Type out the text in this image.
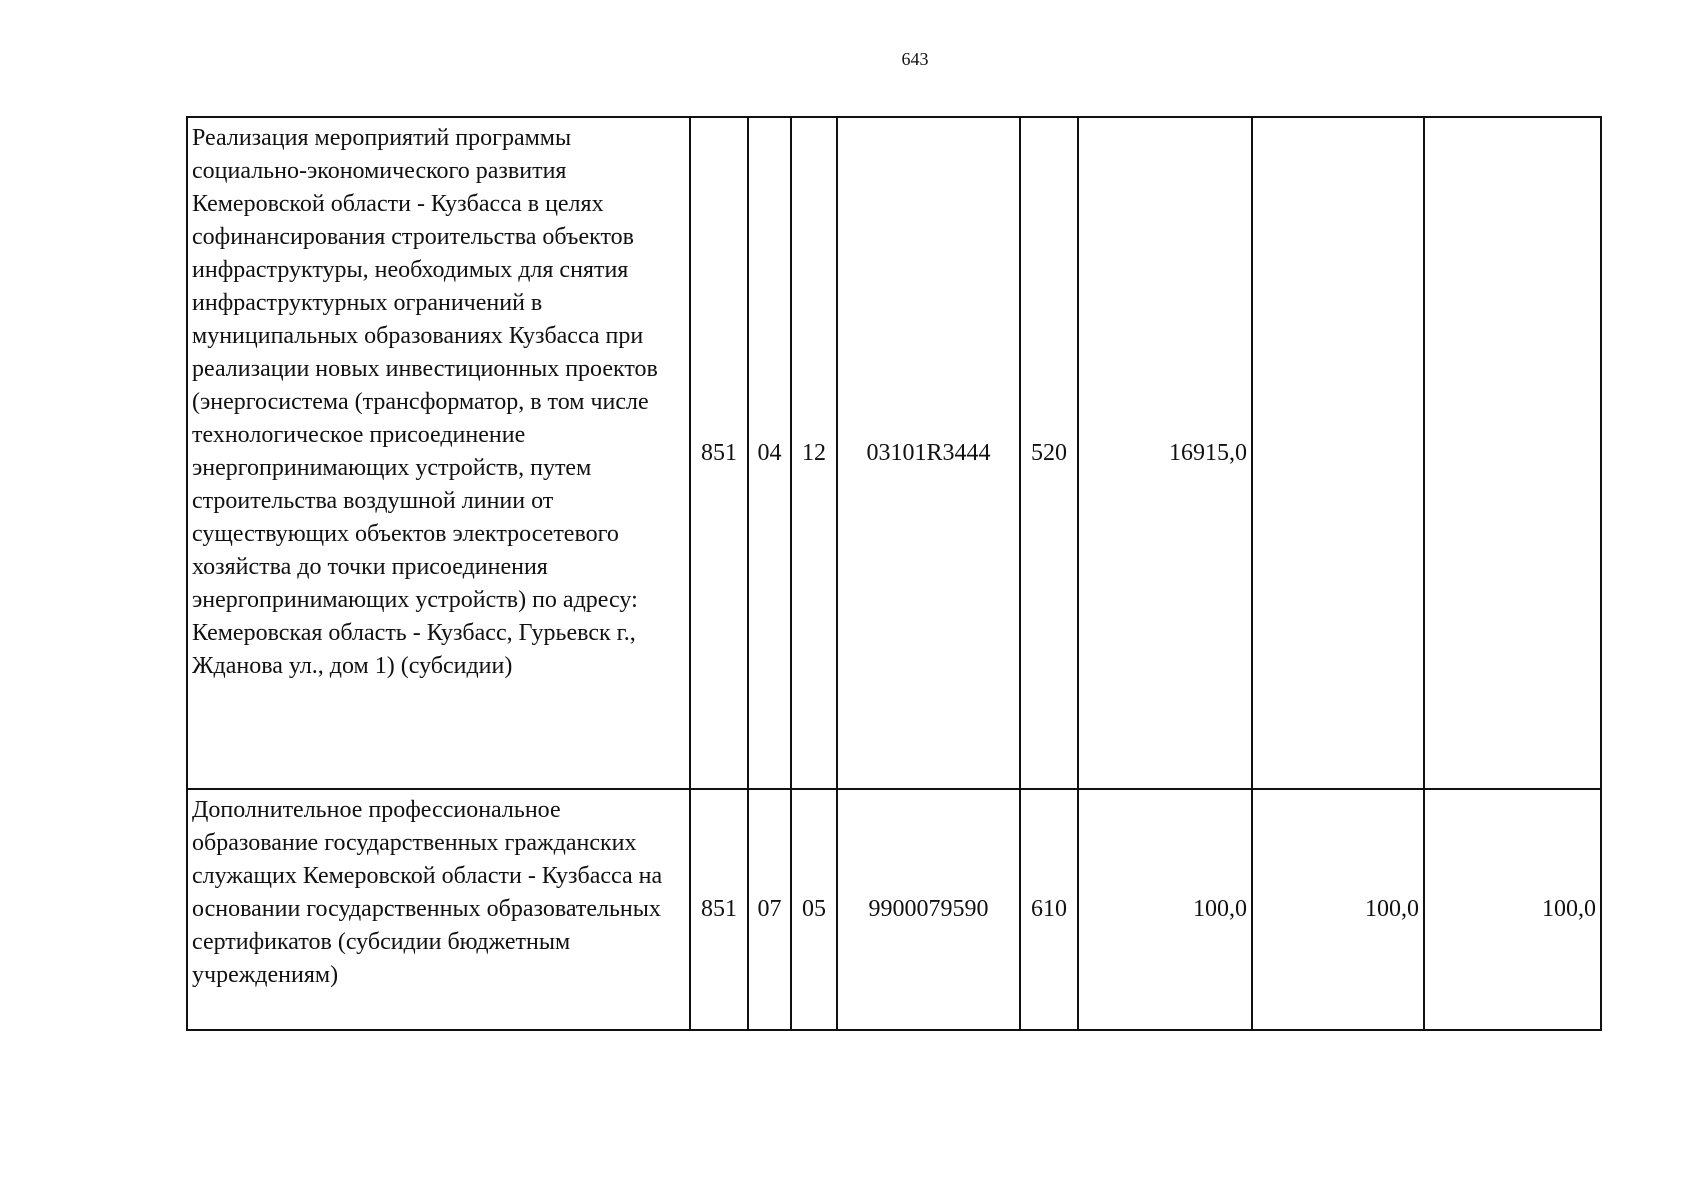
643
Реализация мероприятий программы социально-экономического развития Кемеровской области - Кузбасса в целях софинансирования строительства объектов инфраструктуры, необходимых для снятия инфраструктурных ограничений в муниципальных образованиях Кузбасса при реализации новых инвестиционных проектов (энергосистема (трансформатор, в том числе технологическое присоединение энергопринимающих устройств, путем строительства воздушной линии от существующих объектов электросетевого хозяйства до точки присоединения энергопринимающих устройств) по адресу: Кемеровская область - Кузбасс, Гурьевск г., Жданова ул., дом 1) (субсидии)	851	04	12	03101R3444	520	16915,0		
Дополнительное профессиональное образование государственных гражданских служащих Кемеровской области - Кузбасса на основании государственных образовательных сертификатов (субсидии бюджетным учреждениям)	851	07	05	9900079590	610	100,0	100,0	100,0
